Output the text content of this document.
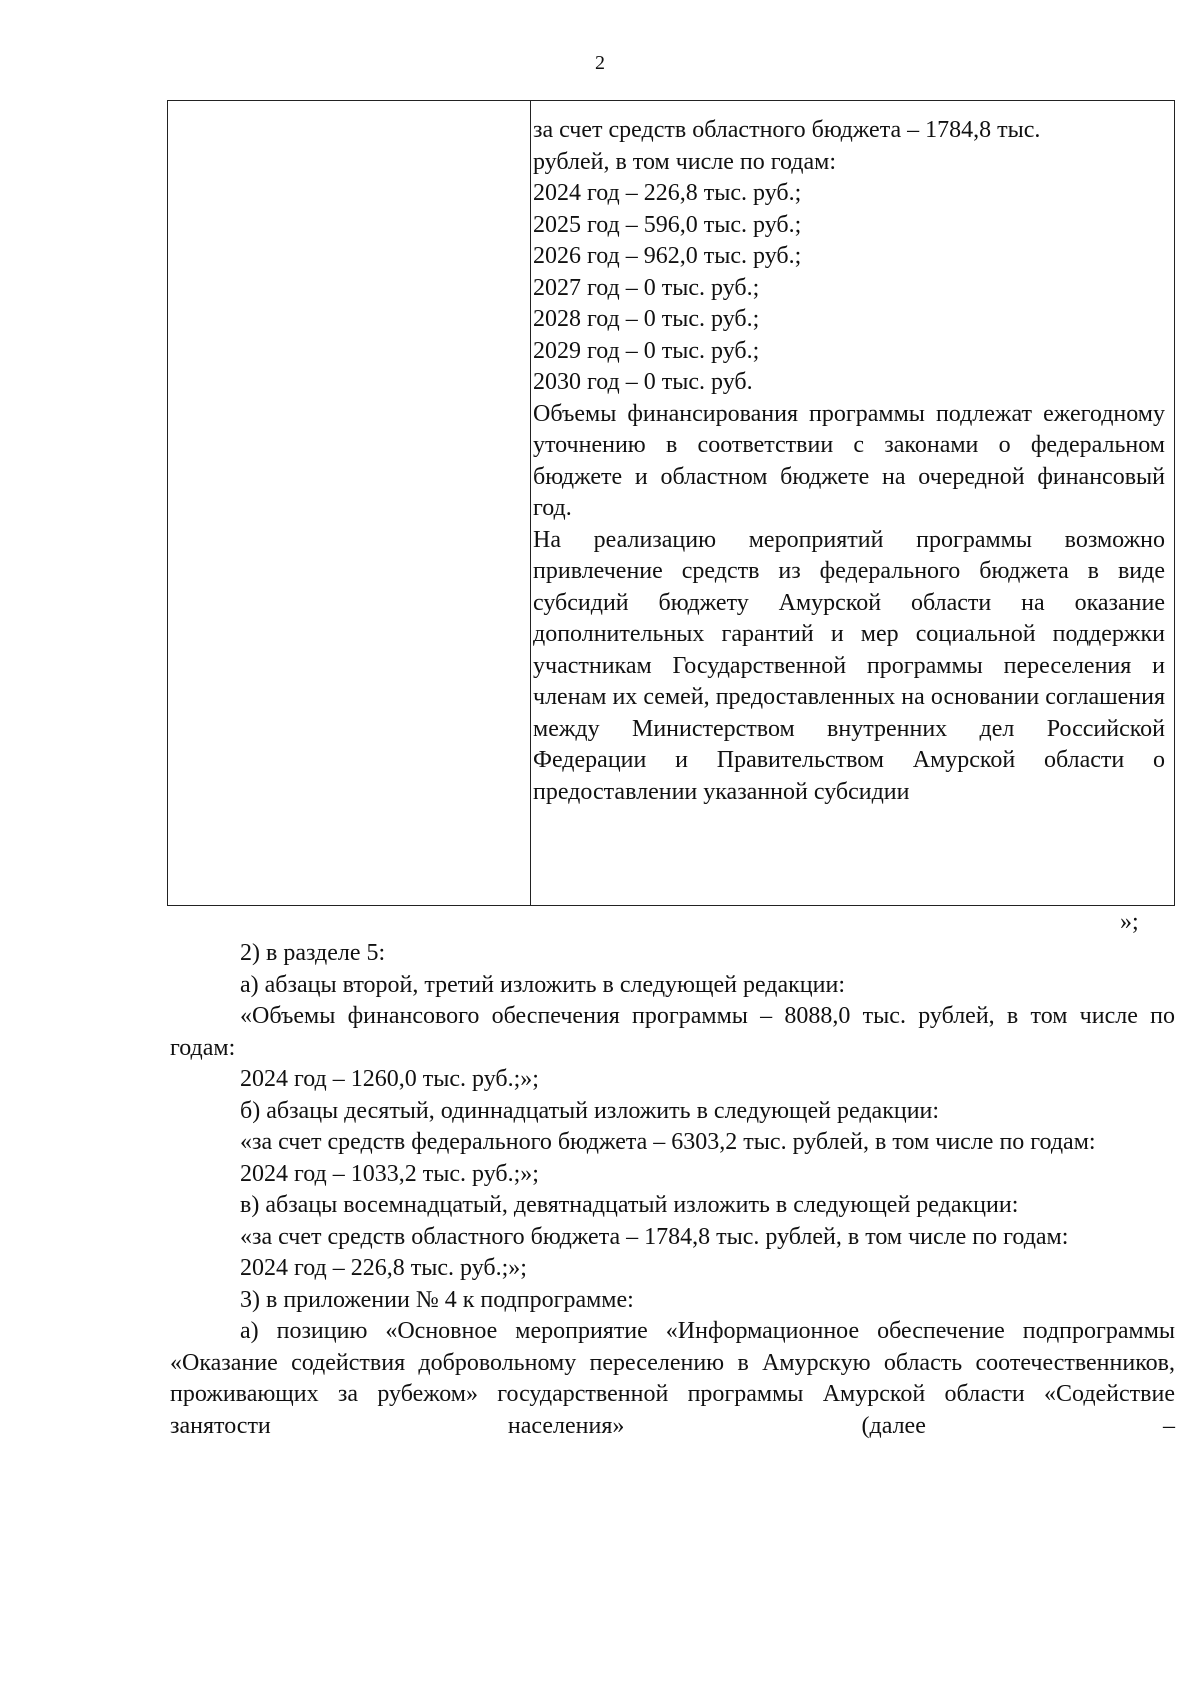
2
за счет средств областного бюджета – 1784,8 тыс.
рублей, в том числе по годам:
2024 год – 226,8 тыс. руб.;
2025 год – 596,0 тыс. руб.;
2026 год – 962,0 тыс. руб.;
2027 год – 0 тыс. руб.;
2028 год – 0 тыс. руб.;
2029 год – 0 тыс. руб.;
2030 год – 0 тыс. руб.
Объемы финансирования программы подлежат ежегодному уточнению в соответствии с законами о федеральном бюджете и областном бюджете на очередной финансовый год.
На реализацию мероприятий программы возможно привлечение средств из федерального бюджета в виде субсидий бюджету Амурской области на оказание дополнительных гарантий и мер социальной поддержки участникам Государственной программы переселения и членам их семей, предоставленных на основании соглашения между Министерством внутренних дел Российской Федерации и Правительством Амурской области о предоставлении указанной субсидии
»;
2) в разделе 5:
а) абзацы второй, третий изложить в следующей редакции:
«Объемы финансового обеспечения программы – 8088,0 тыс. рублей, в том числе по годам:
2024 год – 1260,0 тыс. руб.;»;
б) абзацы десятый, одиннадцатый изложить в следующей редакции:
«за счет средств федерального бюджета – 6303,2 тыс. рублей, в том числе по годам:
2024 год – 1033,2 тыс. руб.;»;
в) абзацы восемнадцатый, девятнадцатый изложить в следующей редакции:
«за счет средств областного бюджета – 1784,8 тыс. рублей, в том числе по годам:
2024 год – 226,8 тыс. руб.;»;
3) в приложении № 4 к подпрограмме:
а) позицию «Основное мероприятие «Информационное обеспечение подпрограммы «Оказание содействия добровольному переселению в Амурскую область соотечественников, проживающих за рубежом» государственной программы Амурской области «Содействие занятости населения» (далее –
